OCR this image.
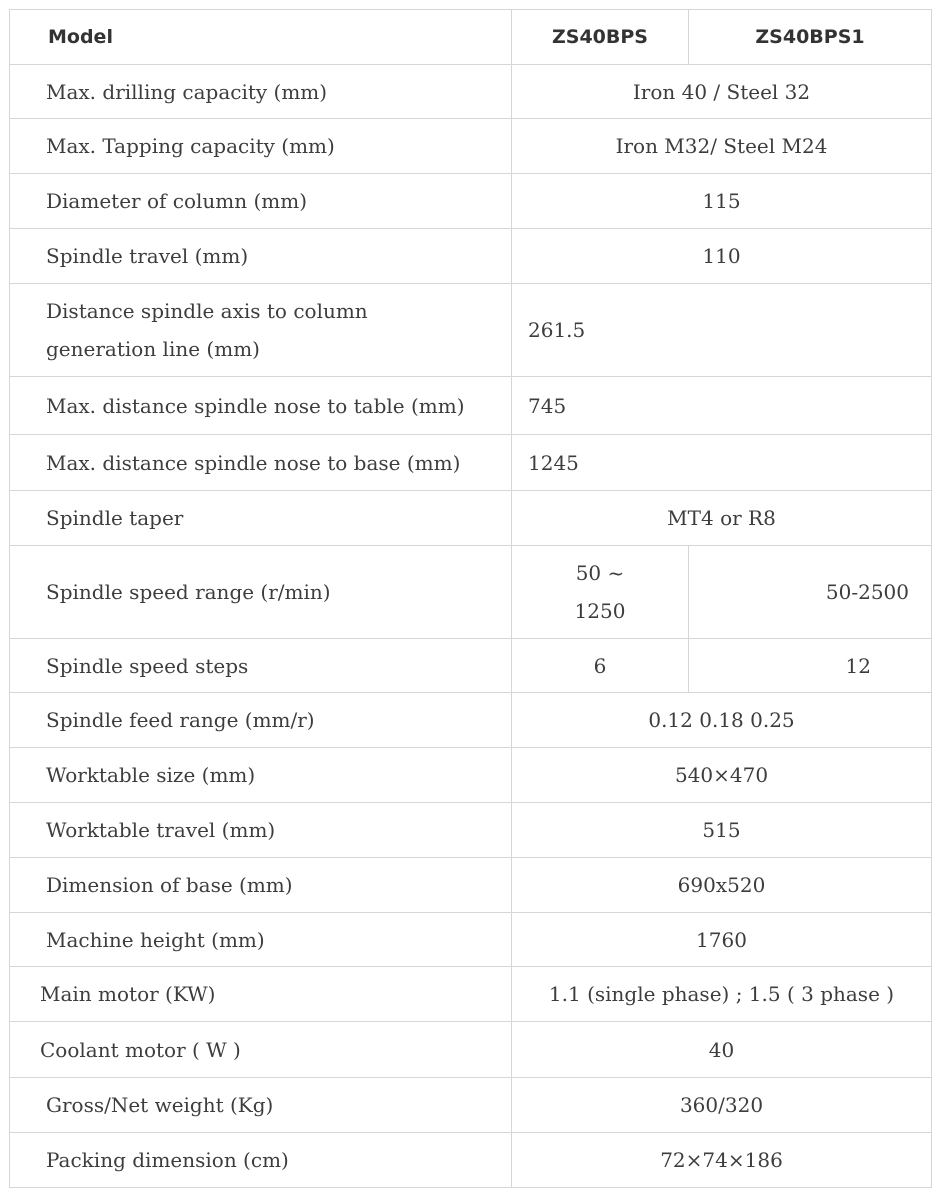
Model	ZS40BPS	ZS40BPS1
Max. drilling capacity (mm)	Iron 40 / Steel 32	
Max. Tapping capacity (mm)	Iron M32/ Steel M24	
Diameter of column (mm)	115	
Spindle travel (mm)	110	
Distance spindle axis to column generation line (mm)	261.5	
Max. distance spindle nose to table (mm)	745	
Max. distance spindle nose to base (mm)	1245	
Spindle taper	MT4 or R8	
Spindle speed range (r/min)	50 ~ 1250	50-2500
Spindle speed steps	6	12
Spindle feed range (mm/r)	0.12 0.18 0.25	
Worktable size (mm)	540×470	
Worktable travel (mm)	515	
Dimension of base (mm)	690x520	
Machine height (mm)	1760	
Main motor (KW)	1.1 (single phase) ; 1.5 ( 3 phase )	
Coolant motor ( W )	40	
Gross/Net weight (Kg)	360/320	
Packing dimension (cm)	72×74×186	
